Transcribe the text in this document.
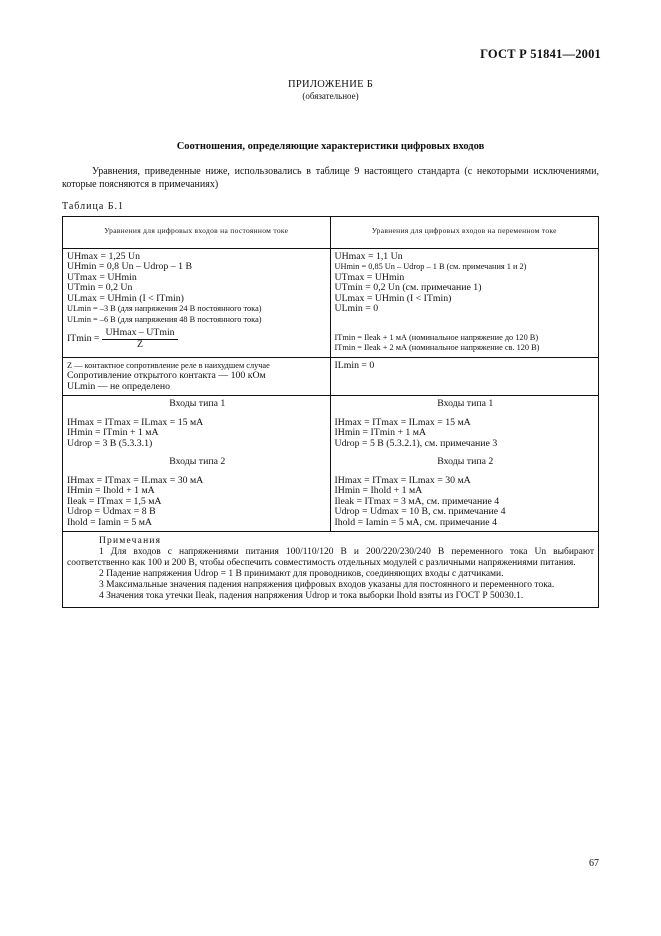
ГОСТ Р 51841—2001
ПРИЛОЖЕНИЕ Б
(обязательное)
Соотношения, определяющие характеристики цифровых входов
Уравнения, приведенные ниже, использовались в таблице 9 настоящего стандарта (с некоторыми исключениями, которые поясняются в примечаниях)
Таблица Б.1
Уравнения для цифровых входов на постоянном токе	Уравнения для цифровых входов на переменном токе
UHmax = 1,25 Un
UHmin = 0,8 Un – Udrop – 1 В
UTmax = UHmin
UTmin = 0,2 Un
ULmax = UHmin (I < ITmin)
ULmin = –3 В (для напряжения 24 В постоянного тока)
ULmin = –6 В (для напряжения 48 В постоянного тока)
$ITmin = \frac{UHmax - UTmin}{Z}$
UHmax = 1,1 Un
UHmin = 0,85 Un – Udrop – 1 В (см. примечания 1 и 2)
UTmax = UHmin
UTmin = 0,2 Un (см. примечание 1)
ULmax = UHmin (I < ITmin)
ULmin = 0
ITmin = Ileak + 1 мА (номинальное напряжение до 120 В)
ITmin = Ileak + 2 мА (номинальное напряжение св. 120 В)
Z — контактное сопротивление реле в наихудшем случае
Сопротивление открытого контакта — 100 кОм
ULmin — не определено
ILmin = 0
Входы типа 1
IHmax = ITmax = ILmax = 15 мА
IHmin = ITmin + 1 мА
Udrop = 3 В (5.3.3.1)
Входы типа 2
IHmax = ITmax = ILmax = 30 мА
IHmin = Ihold + 1 мА
Ileak = ITmax = 1,5 мА
Udrop = Udmax = 8 В
Ihold = Iаmin = 5 мА
Входы типа 1
IHmax = ITmax = ILmax = 15 мА
IHmin = ITmin + 1 мА
Udrop = 5 В (5.3.2.1), см. примечание 3
Входы типа 2
IHmax = ITmax = ILmax = 30 мА
IHmin = Ihold + 1 мА
Ileak = ITmax = 3 мА, см. примечание 4
Udrop = Udmax = 10 В, см. примечание 4
Ihold = Iаmin = 5 мА, см. примечание 4
Примечания

1 Для входов с напряжениями питания 100/110/120 В и 200/220/230/240 В переменного тока Un выбирают соответственно как 100 и 200 В, чтобы обеспечить совместимость отдельных модулей с различными напряжениями питания.

2 Падение напряжения Udrop = 1 В принимают для проводников, соединяющих входы с датчиками.

3 Максимальные значения падения напряжения цифровых входов указаны для постоянного и переменного тока.

4 Значения тока утечки Ileak, падения напряжения Udrop и тока выборки Ihold взяты из ГОСТ Р 50030.1.

67
